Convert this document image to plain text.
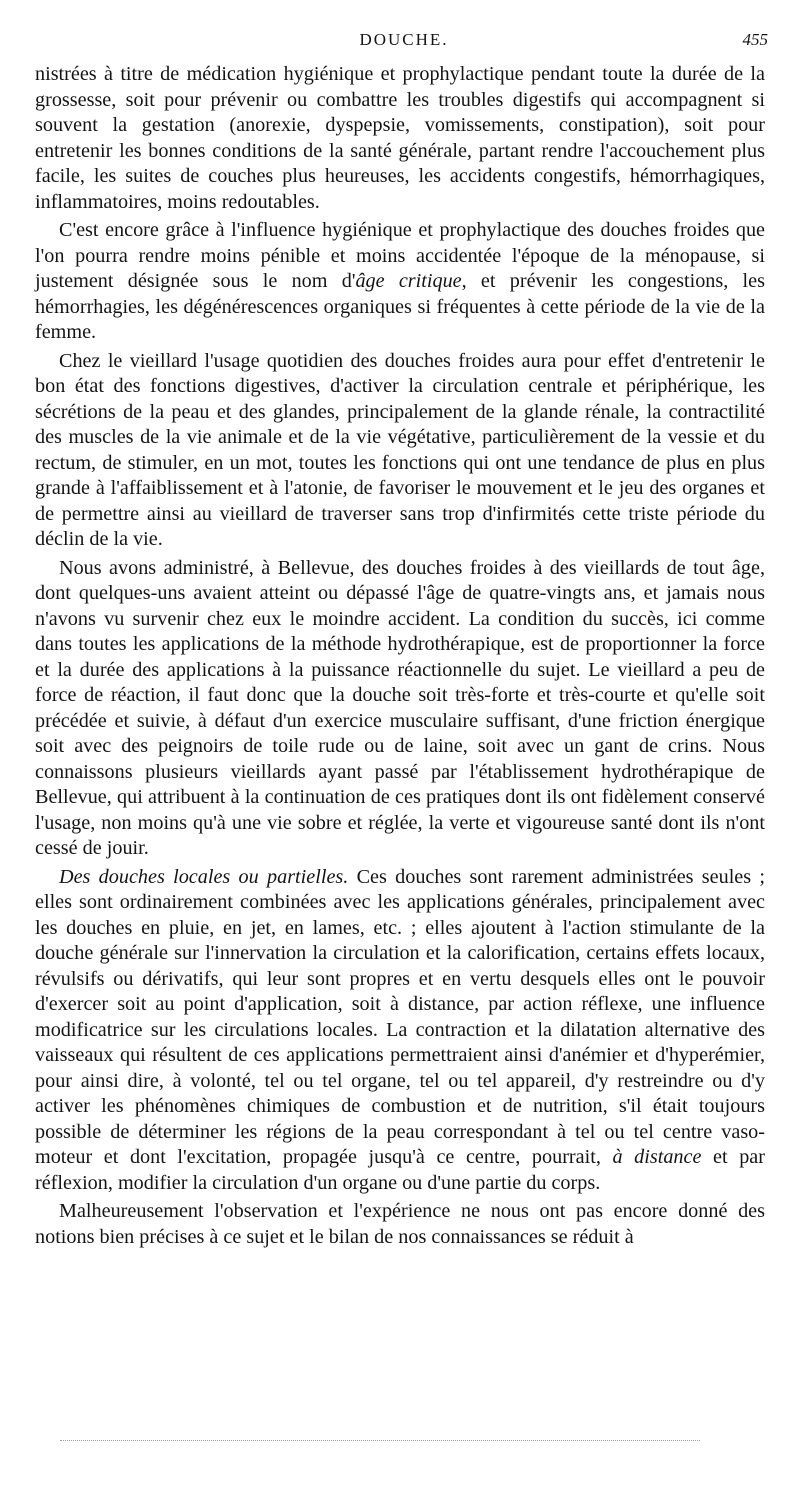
DOUCHE.	455

nistrées à titre de médication hygiénique et prophylactique pendant toute la durée de la grossesse, soit pour prévenir ou combattre les troubles digestifs qui accompagnent si souvent la gestation (anorexie, dyspepsie, vomissements, constipation), soit pour entretenir les bonnes conditions de la santé générale, partant rendre l'accouchement plus facile, les suites de couches plus heureuses, les accidents congestifs, hémorrhagiques, inflammatoires, moins redoutables.

C'est encore grâce à l'influence hygiénique et prophylactique des douches froides que l'on pourra rendre moins pénible et moins accidentée l'époque de la ménopause, si justement désignée sous le nom d'âge critique, et prévenir les congestions, les hémorrhagies, les dégénérescences organiques si fréquentes à cette période de la vie de la femme.

Chez le vieillard l'usage quotidien des douches froides aura pour effet d'entretenir le bon état des fonctions digestives, d'activer la circulation centrale et périphérique, les sécrétions de la peau et des glandes, principalement de la glande rénale, la contractilité des muscles de la vie animale et de la vie végétative, particulièrement de la vessie et du rectum, de stimuler, en un mot, toutes les fonctions qui ont une tendance de plus en plus grande à l'affaiblissement et à l'atonie, de favoriser le mouvement et le jeu des organes et de permettre ainsi au vieillard de traverser sans trop d'infirmités cette triste période du déclin de la vie.

Nous avons administré, à Bellevue, des douches froides à des vieillards de tout âge, dont quelques-uns avaient atteint ou dépassé l'âge de quatre-vingts ans, et jamais nous n'avons vu survenir chez eux le moindre accident. La condition du succès, ici comme dans toutes les applications de la méthode hydrothérapique, est de proportionner la force et la durée des applications à la puissance réactionnelle du sujet. Le vieillard a peu de force de réaction, il faut donc que la douche soit très-forte et très-courte et qu'elle soit précédée et suivie, à défaut d'un exercice musculaire suffisant, d'une friction énergique soit avec des peignoirs de toile rude ou de laine, soit avec un gant de crins. Nous connaissons plusieurs vieillards ayant passé par l'établissement hydrothérapique de Bellevue, qui attribuent à la continuation de ces pratiques dont ils ont fidèlement conservé l'usage, non moins qu'à une vie sobre et réglée, la verte et vigoureuse santé dont ils n'ont cessé de jouir.

Des douches locales ou partielles. Ces douches sont rarement administrées seules ; elles sont ordinairement combinées avec les applications générales, principalement avec les douches en pluie, en jet, en lames, etc. ; elles ajoutent à l'action stimulante de la douche générale sur l'innervation la circulation et la calorification, certains effets locaux, révulsifs ou dérivatifs, qui leur sont propres et en vertu desquels elles ont le pouvoir d'exercer soit au point d'application, soit à distance, par action réflexe, une influence modificatrice sur les circulations locales. La contraction et la dilatation alternative des vaisseaux qui résultent de ces applications permettraient ainsi d'anémier et d'hyperémier, pour ainsi dire, à volonté, tel ou tel organe, tel ou tel appareil, d'y restreindre ou d'y activer les phénomènes chimiques de combustion et de nutrition, s'il était toujours possible de déterminer les régions de la peau correspondant à tel ou tel centre vaso-moteur et dont l'excitation, propagée jusqu'à ce centre, pourrait, à distance et par réflexion, modifier la circulation d'un organe ou d'une partie du corps.

Malheureusement l'observation et l'expérience ne nous ont pas encore donné des notions bien précises à ce sujet et le bilan de nos connaissances se réduit à
